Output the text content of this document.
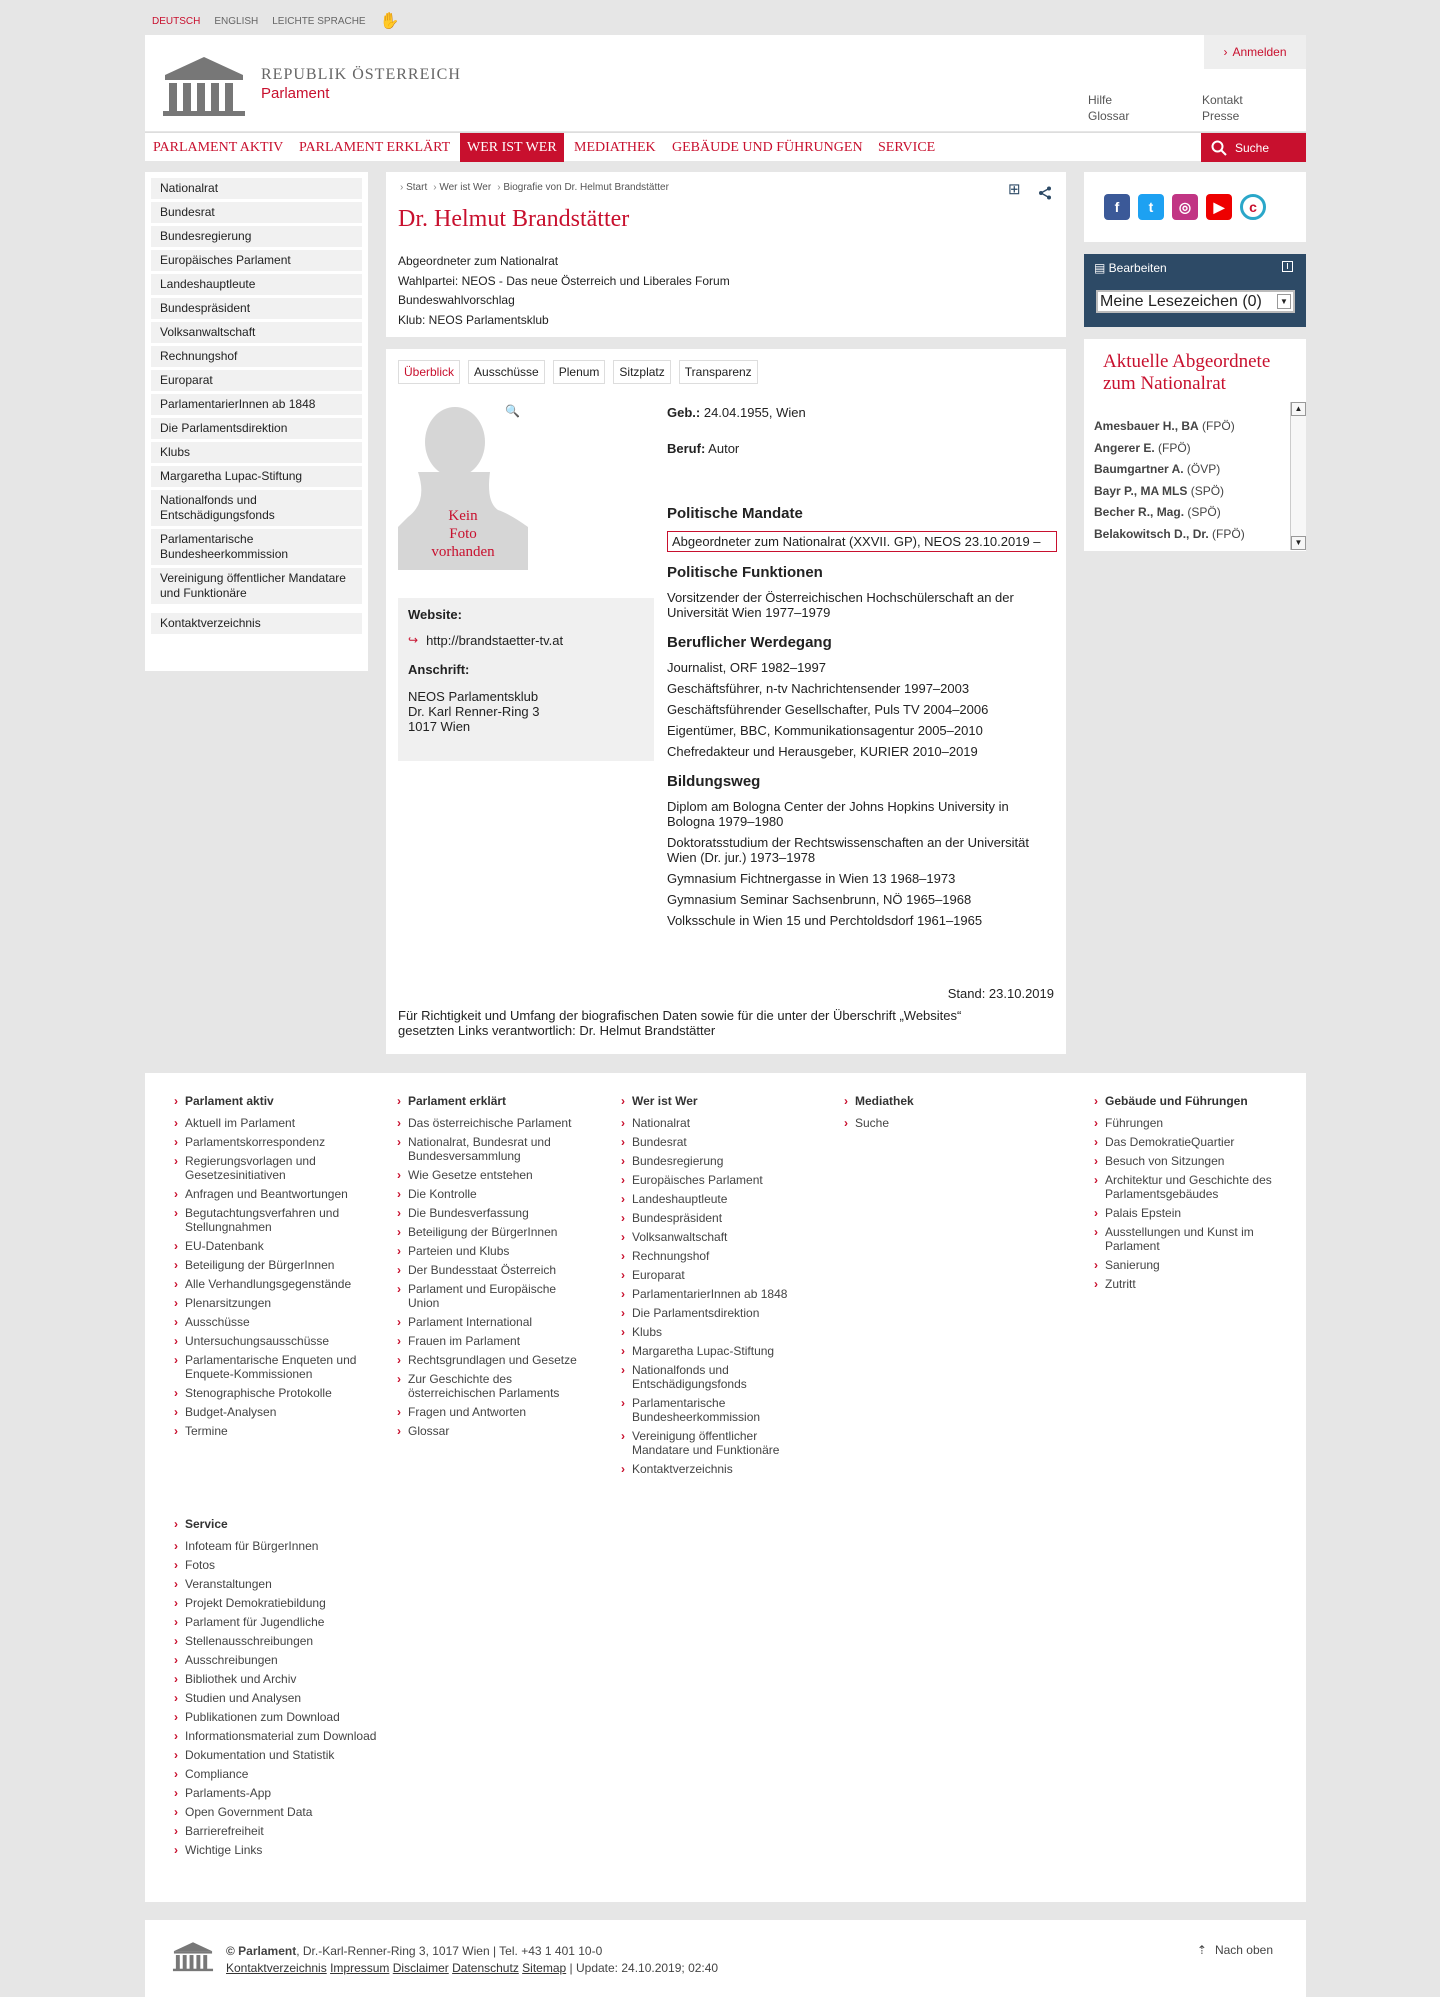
DEUTSCH ENGLISH LEICHTE SPRACHE ✋
REPUBLIK ÖSTERREICH
Parlament
› Anmelden
Hilfe
Glossar
Kontakt
Presse
PARLAMENT AKTIV	PARLAMENT ERKLÄRT	WER IST WER	MEDIATHEK	GEBÄUDE UND FÜHRUNGEN	SERVICE	Suche
Nationalrat
Bundesrat
Bundesregierung
Europäisches Parlament
Landeshauptleute
Bundespräsident
Volksanwaltschaft
Rechnungshof
Europarat
ParlamentarierInnen ab 1848
Die Parlamentsdirektion
Klubs
Margaretha Lupac-Stiftung
Nationalfonds und Entschädigungsfonds
Parlamentarische Bundesheerkommission
Vereinigung öffentlicher Mandatare und Funktionäre
Kontaktverzeichnis
› Start	› Wer ist Wer	› Biografie von Dr. Helmut Brandstätter	⊞
Dr. Helmut Brandstätter
Abgeordneter zum Nationalrat
Wahlpartei: NEOS - Das neue Österreich und Liberales Forum
Bundeswahlvorschlag
Klub: NEOS Parlamentsklub
Überblick	Ausschüsse	Plenum	Sitzplatz	Transparenz
🔍
Kein
Foto
vorhanden
Website:
↪ http://brandstaetter-tv.at
Anschrift:
NEOS Parlamentsklub
Dr. Karl Renner-Ring 3
1017 Wien
Geb.: 24.04.1955, Wien
Beruf: Autor
Politische Mandate
Abgeordneter zum Nationalrat (XXVII. GP), NEOS 23.10.2019 –
Politische Funktionen
Vorsitzender der Österreichischen Hochschülerschaft an der Universität Wien 1977–1979
Beruflicher Werdegang
Journalist, ORF 1982–1997
Geschäftsführer, n-tv Nachrichtensender 1997–2003
Geschäftsführender Gesellschafter, Puls TV 2004–2006
Eigentümer, BBC, Kommunikationsagentur 2005–2010
Chefredakteur und Herausgeber, KURIER 2010–2019
Bildungsweg
Diplom am Bologna Center der Johns Hopkins University in Bologna 1979–1980
Doktoratsstudium der Rechtswissenschaften an der Universität Wien (Dr. jur.) 1973–1978
Gymnasium Fichtnergasse in Wien 13 1968–1973
Gymnasium Seminar Sachsenbrunn, NÖ 1965–1968
Volksschule in Wien 15 und Perchtoldsdorf 1961–1965
Stand: 23.10.2019
Für Richtigkeit und Umfang der biografischen Daten sowie für die unter der Überschrift „Websites“ gesetzten Links verantwortlich: Dr. Helmut Brandstätter
f	t	◎	▶	c
▤ Bearbeiten	i
Meine Lesezeichen (0)	▼
Aktuelle Abgeordnete zum Nationalrat
Amesbauer H., BA (FPÖ)
Angerer E. (FPÖ)
Baumgartner A. (ÖVP)
Bayr P., MA MLS (SPÖ)
Becher R., Mag. (SPÖ)
Belakowitsch D., Dr. (FPÖ)
▲
▼
› Parlament aktiv
› Aktuell im Parlament
› Parlamentskorrespondenz
› Regierungsvorlagen und Gesetzesinitiativen
› Anfragen und Beantwortungen
› Begutachtungsverfahren und Stellungnahmen
› EU-Datenbank
› Beteiligung der BürgerInnen
› Alle Verhandlungsgegenstände
› Plenarsitzungen
› Ausschüsse
› Untersuchungsausschüsse
› Parlamentarische Enqueten und Enquete-Kommissionen
› Stenographische Protokolle
› Budget-Analysen
› Termine
› Parlament erklärt
› Das österreichische Parlament
› Nationalrat, Bundesrat und Bundesversammlung
› Wie Gesetze entstehen
› Die Kontrolle
› Die Bundesverfassung
› Beteiligung der BürgerInnen
› Parteien und Klubs
› Der Bundesstaat Österreich
› Parlament und Europäische Union
› Parlament International
› Frauen im Parlament
› Rechtsgrundlagen und Gesetze
› Zur Geschichte des österreichischen Parlaments
› Fragen und Antworten
› Glossar
› Wer ist Wer
› Nationalrat
› Bundesrat
› Bundesregierung
› Europäisches Parlament
› Landeshauptleute
› Bundespräsident
› Volksanwaltschaft
› Rechnungshof
› Europarat
› ParlamentarierInnen ab 1848
› Die Parlamentsdirektion
› Klubs
› Margaretha Lupac-Stiftung
› Nationalfonds und Entschädigungsfonds
› Parlamentarische Bundesheerkommission
› Vereinigung öffentlicher Mandatare und Funktionäre
› Kontaktverzeichnis
› Mediathek
› Suche
› Gebäude und Führungen
› Führungen
› Das DemokratieQuartier
› Besuch von Sitzungen
› Architektur und Geschichte des Parlamentsgebäudes
› Palais Epstein
› Ausstellungen und Kunst im Parlament
› Sanierung
› Zutritt
› Service
› Infoteam für BürgerInnen
› Fotos
› Veranstaltungen
› Projekt Demokratiebildung
› Parlament für Jugendliche
› Stellenausschreibungen
› Ausschreibungen
› Bibliothek und Archiv
› Studien und Analysen
› Publikationen zum Download
› Informationsmaterial zum Download
› Dokumentation und Statistik
› Compliance
› Parlaments-App
› Open Government Data
› Barrierefreiheit
› Wichtige Links
© Parlament, Dr.-Karl-Renner-Ring 3, 1017 Wien | Tel. +43 1 401 10-0
Kontaktverzeichnis Impressum Disclaimer Datenschutz Sitemap | Update: 24.10.2019; 02:40
⇡ Nach oben
